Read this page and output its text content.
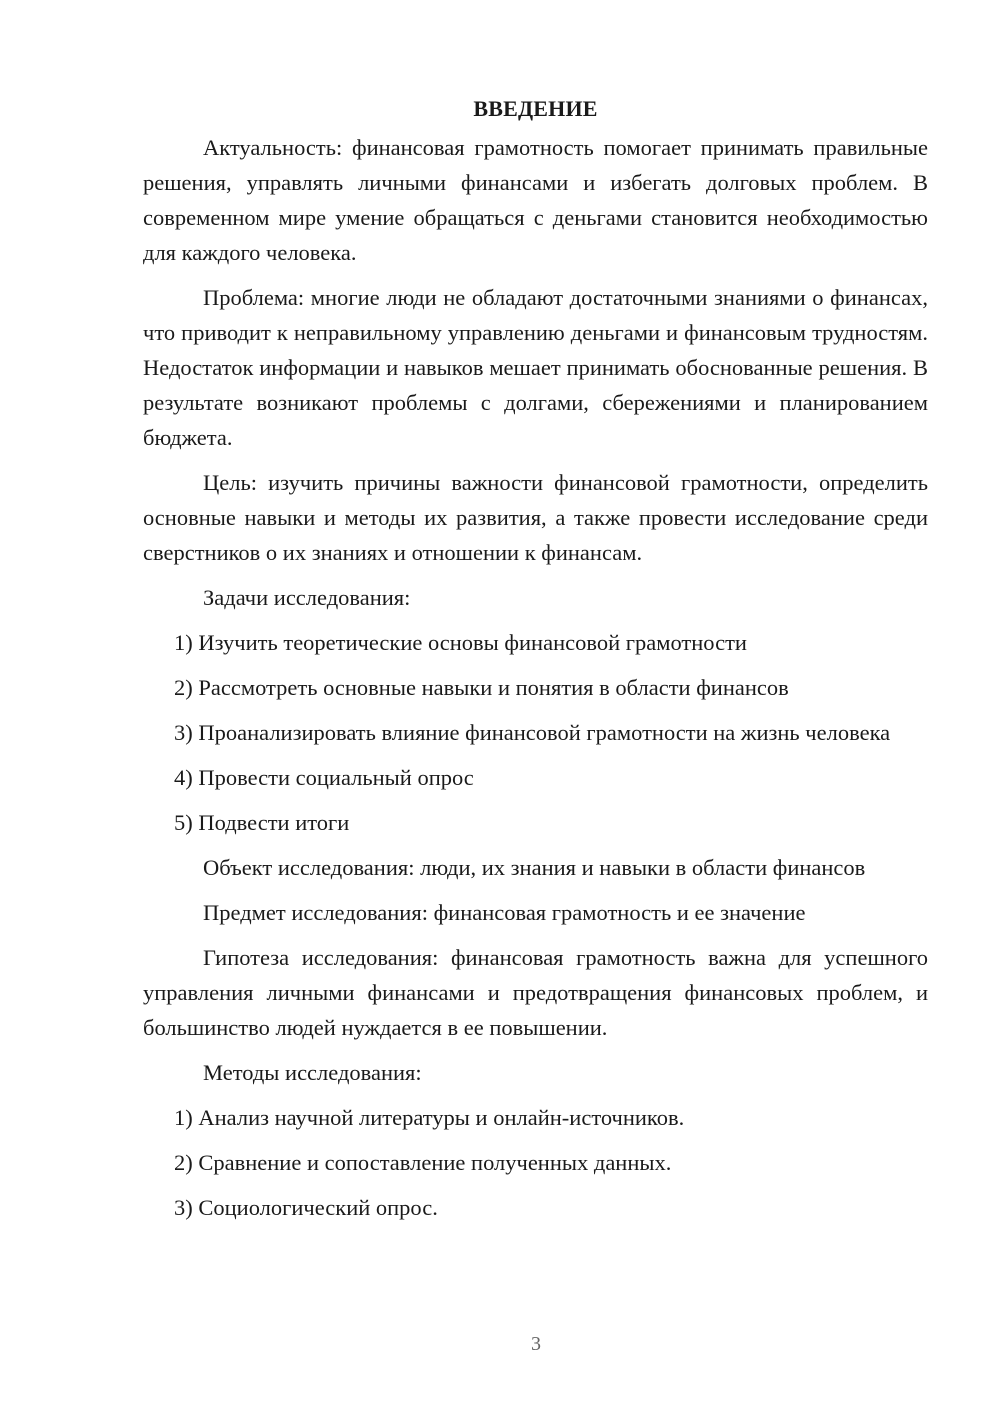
ВВЕДЕНИЕ

Актуальность: финансовая грамотность помогает принимать правильные решения, управлять личными финансами и избегать долговых проблем. В современном мире умение обращаться с деньгами становится необходимостью для каждого человека.

Проблема: многие люди не обладают достаточными знаниями о финансах, что приводит к неправильному управлению деньгами и финансовым трудностям. Недостаток информации и навыков мешает принимать обоснованные решения. В результате возникают проблемы с долгами, сбережениями и планированием бюджета.

Цель: изучить причины важности финансовой грамотности, определить основные навыки и методы их развития, а также провести исследование среди сверстников о их знаниях и отношении к финансам.

Задачи исследования:

1) Изучить теоретические основы финансовой грамотности

2) Рассмотреть основные навыки и понятия в области финансов

3) Проанализировать влияние финансовой грамотности на жизнь человека

4) Провести социальный опрос

5) Подвести итоги

Объект исследования: люди, их знания и навыки в области финансов

Предмет исследования: финансовая грамотность и ее значение

Гипотеза исследования: финансовая грамотность важна для успешного управления личными финансами и предотвращения финансовых проблем, и большинство людей нуждается в ее повышении.

Методы исследования:

1) Анализ научной литературы и онлайн-источников.

2) Сравнение и сопоставление полученных данных.

3) Социологический опрос.

3
